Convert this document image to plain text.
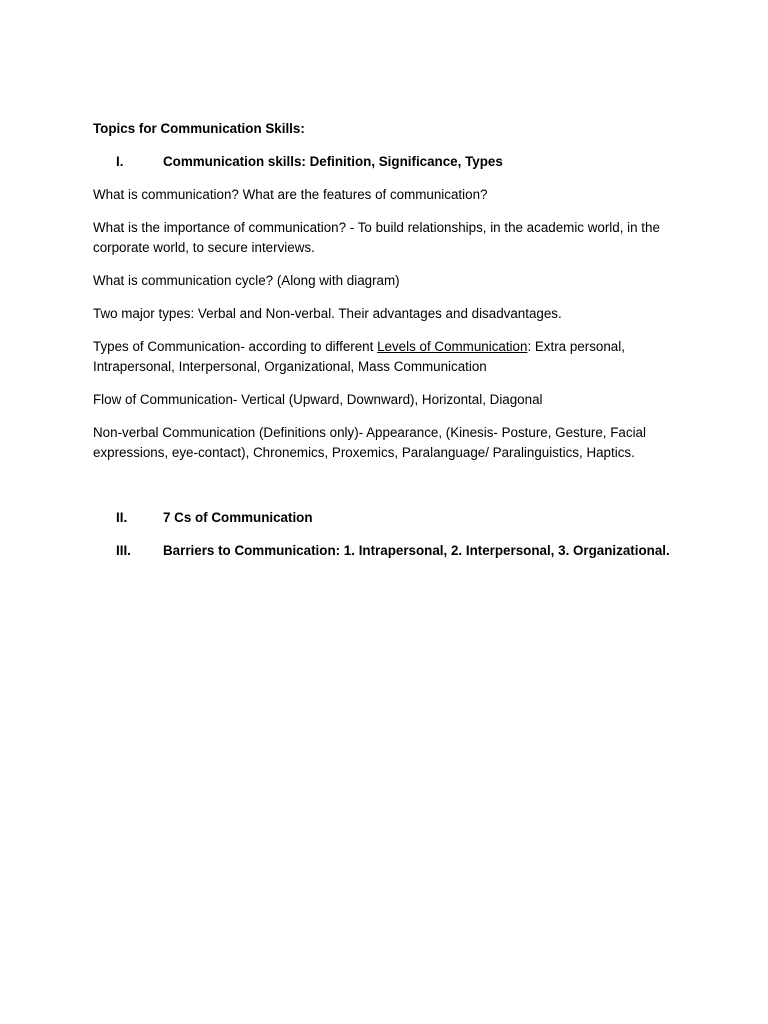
Topics for Communication Skills:
I.	Communication skills: Definition, Significance, Types
What is communication? What are the features of communication?
What is the importance of communication? - To build relationships, in the academic world, in the corporate world, to secure interviews.
What is communication cycle? (Along with diagram)
Two major types: Verbal and Non-verbal. Their advantages and disadvantages.
Types of Communication- according to different Levels of Communication: Extra personal, Intrapersonal, Interpersonal, Organizational, Mass Communication
Flow of Communication- Vertical (Upward, Downward), Horizontal, Diagonal
Non-verbal Communication (Definitions only)- Appearance, (Kinesis- Posture, Gesture, Facial expressions, eye-contact), Chronemics, Proxemics, Paralanguage/ Paralinguistics, Haptics.
II.	7 Cs of Communication
III.	Barriers to Communication: 1. Intrapersonal, 2. Interpersonal, 3. Organizational.
